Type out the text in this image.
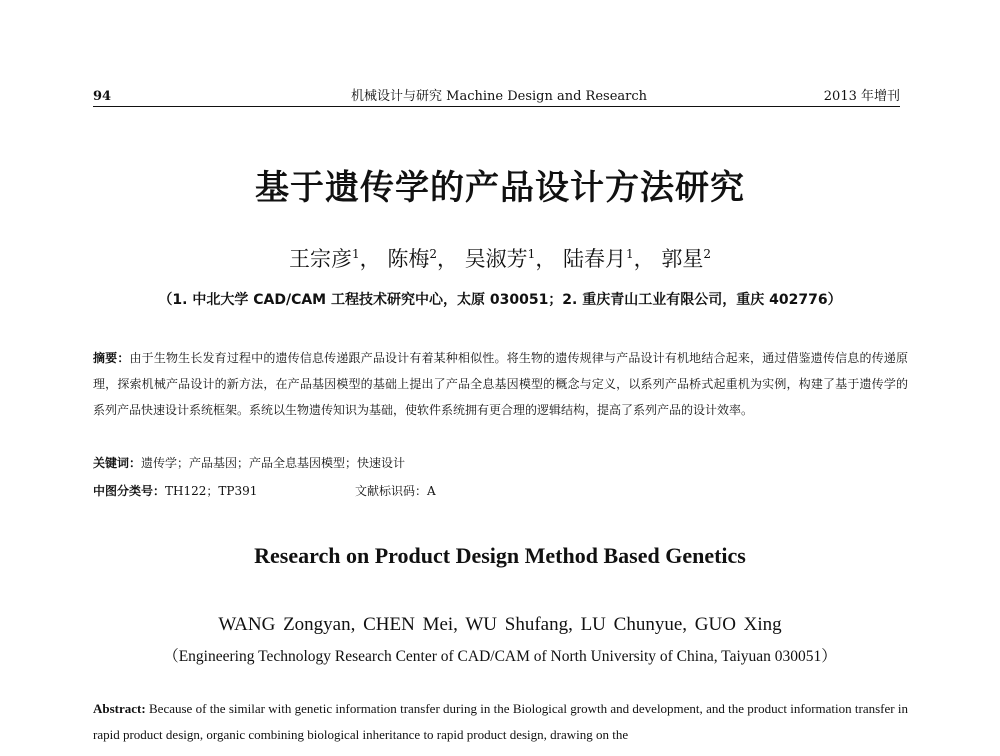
94	机械设计与研究 Machine Design and Research	2013 年增刊
基于遗传学的产品设计方法研究
王宗彦$^1$， 陈梅$^2$， 吴淑芳$^1$， 陆春月$^1$， 郭星$^2$
（1. 中北大学 CAD/CAM 工程技术研究中心，太原 030051；2. 重庆青山工业有限公司，重庆 402776）
摘要：由于生物生长发育过程中的遗传信息传递跟产品设计有着某种相似性。将生物的遗传规律与产品设计有机地结合起来，通过借鉴遗传信息的传递原理，探索机械产品设计的新方法，在产品基因模型的基础上提出了产品全息基因模型的概念与定义，以系列产品桥式起重机为实例，构建了基于遗传学的系列产品快速设计系统框架。系统以生物遗传知识为基础，使软件系统拥有更合理的逻辑结构，提高了系列产品的设计效率。
关键词：遗传学；产品基因；产品全息基因模型；快速设计
中图分类号：TH122；TP391	文献标识码：A
Research on Product Design Method Based Genetics
WANG Zongyan, CHEN Mei, WU Shufang, LU Chunyue, GUO Xing
（Engineering Technology Research Center of CAD/CAM of North University of China, Taiyuan 030051）
Abstract: Because of the similar with genetic information transfer during in the Biological growth and development, and the product information transfer in rapid product design, organic combining biological inheritance to rapid product design, drawing on the
